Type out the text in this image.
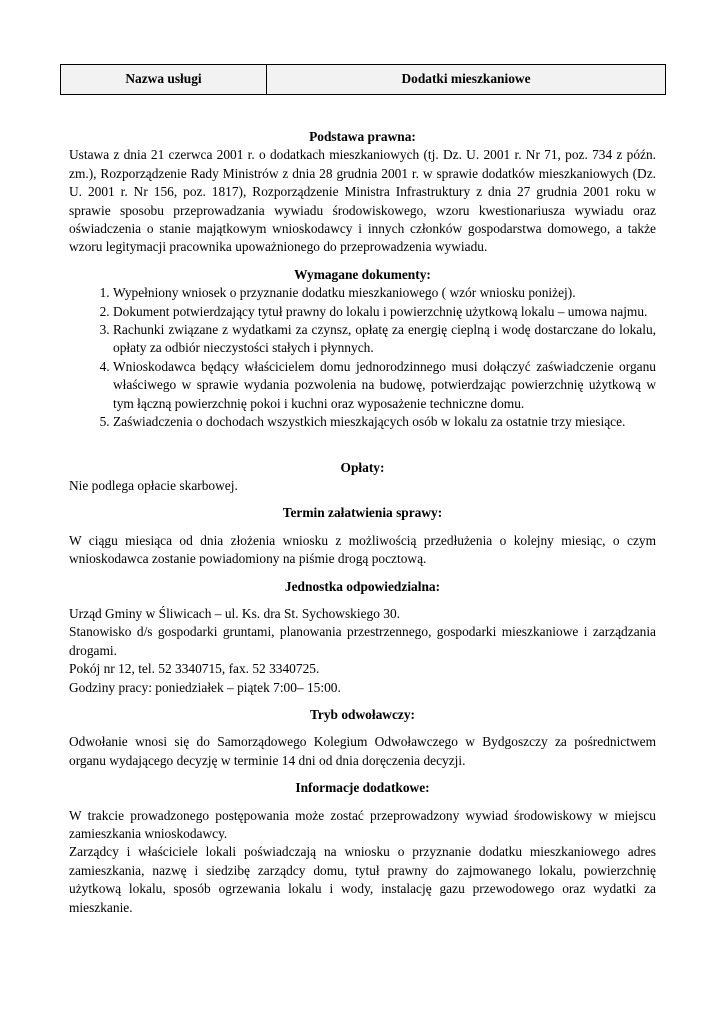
Nazwa usługi	Dodatki mieszkaniowe

Podstawa prawna:

Ustawa z dnia 21 czerwca 2001 r. o dodatkach mieszkaniowych (tj. Dz. U. 2001 r. Nr 71, poz. 734 z późn. zm.), Rozporządzenie Rady Ministrów z dnia 28 grudnia 2001 r. w sprawie dodatków mieszkaniowych (Dz. U. 2001 r. Nr 156, poz. 1817), Rozporządzenie Ministra Infrastruktury z dnia 27 grudnia 2001 roku w sprawie sposobu przeprowadzania wywiadu środowiskowego, wzoru kwestionariusza wywiadu oraz oświadczenia o stanie majątkowym wnioskodawcy i innych członków gospodarstwa domowego, a także wzoru legitymacji pracownika upoważnionego do przeprowadzenia wywiadu.

Wymagane dokumenty:

1. Wypełniony wniosek o przyznanie dodatku mieszkaniowego ( wzór wniosku poniżej).
2. Dokument potwierdzający tytuł prawny do lokalu i powierzchnię użytkową lokalu – umowa najmu.
3. Rachunki związane z wydatkami za czynsz, opłatę za energię cieplną i wodę dostarczane do lokalu, opłaty za odbiór nieczystości stałych i płynnych.
4. Wnioskodawca będący właścicielem domu jednorodzinnego musi dołączyć zaświadczenie organu właściwego w sprawie wydania pozwolenia na budowę, potwierdzając powierzchnię użytkową w tym łączną powierzchnię pokoi i kuchni oraz wyposażenie techniczne domu.
5. Zaświadczenia o dochodach wszystkich mieszkających osób w lokalu za ostatnie trzy miesiące.

Opłaty:

Nie podlega opłacie skarbowej.

Termin załatwienia sprawy:

W ciągu miesiąca od dnia złożenia wniosku z możliwością przedłużenia o kolejny miesiąc, o czym wnioskodawca zostanie powiadomiony na piśmie drogą pocztową.

Jednostka odpowiedzialna:

Urząd Gminy w Śliwicach – ul. Ks. dra St. Sychowskiego 30.

Stanowisko d/s gospodarki gruntami, planowania przestrzennego, gospodarki mieszkaniowe i zarządzania drogami.

Pokój nr 12, tel. 52 3340715, fax. 52 3340725.

Godziny pracy: poniedziałek – piątek 7:00– 15:00.

Tryb odwoławczy:

Odwołanie wnosi się do Samorządowego Kolegium Odwoławczego w Bydgoszczy za pośrednictwem organu wydającego decyzję w terminie 14 dni od dnia doręczenia decyzji.

Informacje dodatkowe:

W trakcie prowadzonego postępowania może zostać przeprowadzony wywiad środowiskowy w miejscu zamieszkania wnioskodawcy.

Zarządcy i właściciele lokali poświadczają na wniosku o przyznanie dodatku mieszkaniowego adres zamieszkania, nazwę i siedzibę zarządcy domu, tytuł prawny do zajmowanego lokalu, powierzchnię użytkową lokalu, sposób ogrzewania lokalu i wody, instalację gazu przewodowego oraz wydatki za mieszkanie.
